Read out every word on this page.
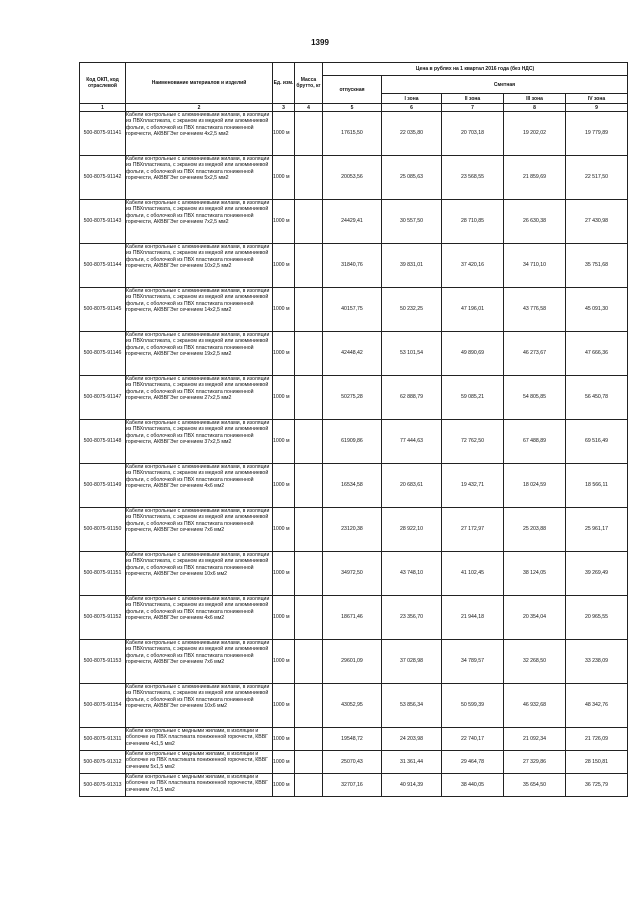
1399
Код ОКП, код отраслевой	Наименование материалов и изделий	Ед. изм.	Масса брутто, кг	Цена в рублях на 1 квартал 2016 года (без НДС)				
				отпускная	Сметная			
					I зона	II зона	III зона	IV зона
1	2	3	4	5	6	7	8	9
500-8075-91141	Кабели контрольные с алюминиевыми жилами, в изоляции из ПВХпластиката, с экраном из медной или алюминиевой фольги, с оболочкой из ПВХ пластиката пониженной горючести, АКВВГЭнг сечением 4х2,5 мм2	1000 м		17615,50	22 035,80	20 703,18	19 202,02	19 779,89
500-8075-91142	Кабели контрольные с алюминиевыми жилами, в изоляции из ПВХпластиката, с экраном из медной или алюминиевой фольги, с оболочкой из ПВХ пластиката пониженной горючести, АКВВГЭнг сечением 5х2,5 мм2	1000 м		20053,56	25 085,63	23 568,55	21 859,69	22 517,50
500-8075-91143	Кабели контрольные с алюминиевыми жилами, в изоляции из ПВХпластиката, с экраном из медной или алюминиевой фольги, с оболочкой из ПВХ пластиката пониженной горючести, АКВВГЭнг сечением 7х2,5 мм2	1000 м		24429,41	30 557,50	28 710,85	26 630,38	27 430,98
500-8075-91144	Кабели контрольные с алюминиевыми жилами, в изоляции из ПВХпластиката, с экраном из медной или алюминиевой фольги, с оболочкой из ПВХ пластиката пониженной горючести, АКВВГЭнг сечением 10х2,5 мм2	1000 м		31840,76	39 831,01	37 420,16	34 710,10	35 751,68
500-8075-91145	Кабели контрольные с алюминиевыми жилами, в изоляции из ПВХпластиката, с экраном из медной или алюминиевой фольги, с оболочкой из ПВХ пластиката пониженной горючести, АКВВГЭнг сечением 14х2,5 мм2	1000 м		40157,75	50 232,25	47 196,01	43 776,58	45 091,30
500-8075-91146	Кабели контрольные с алюминиевыми жилами, в изоляции из ПВХпластиката, с экраном из медной или алюминиевой фольги, с оболочкой из ПВХ пластиката пониженной горючести, АКВВГЭнг сечением 19х2,5 мм2	1000 м		42448,42	53 101,54	49 890,69	46 273,67	47 666,36
500-8075-91147	Кабели контрольные с алюминиевыми жилами, в изоляции из ПВХпластиката, с экраном из медной или алюминиевой фольги, с оболочкой из ПВХ пластиката пониженной горючести, АКВВГЭнг сечением 27х2,5 мм2	1000 м		50275,28	62 888,79	59 085,21	54 805,85	56 450,78
500-8075-91148	Кабели контрольные с алюминиевыми жилами, в изоляции из ПВХпластиката, с экраном из медной или алюминиевой фольги, с оболочкой из ПВХ пластиката пониженной горючести, АКВВГЭнг сечением 37х2,5 мм2	1000 м		61909,86	77 444,63	72 762,50	67 488,89	69 516,49
500-8075-91149	Кабели контрольные с алюминиевыми жилами, в изоляции из ПВХпластиката, с экраном из медной или алюминиевой фольги, с оболочкой из ПВХ пластиката пониженной горючести, АКВВГЭнг сечением 4х6 мм2	1000 м		16534,58	20 683,61	19 432,71	18 024,59	18 566,11
500-8075-91150	Кабели контрольные с алюминиевыми жилами, в изоляции из ПВХпластиката, с экраном из медной или алюминиевой фольги, с оболочкой из ПВХ пластиката пониженной горючести, АКВВГЭнг сечением 7х6 мм2	1000 м		23120,38	28 922,10	27 172,97	25 203,88	25 961,17
500-8075-91151	Кабели контрольные с алюминиевыми жилами, в изоляции из ПВХпластиката, с экраном из медной или алюминиевой фольги, с оболочкой из ПВХ пластиката пониженной горючести, АКВВГЭнг сечением 10х6 мм2	1000 м		34972,50	43 748,10	41 102,45	38 124,05	39 269,49
500-8075-91152	Кабели контрольные с алюминиевыми жилами, в изоляции из ПВХпластиката, с экраном из медной или алюминиевой фольги, с оболочкой из ПВХ пластиката пониженной горючести, АКВВГЭнг сечением 4х6 мм2	1000 м		18671,46	23 356,70	21 944,18	20 354,04	20 965,55
500-8075-91153	Кабели контрольные с алюминиевыми жилами, в изоляции из ПВХпластиката, с экраном из медной или алюминиевой фольги, с оболочкой из ПВХ пластиката пониженной горючести, АКВВГЭнг сечением 7х6 мм2	1000 м		29601,09	37 028,98	34 789,57	32 268,50	33 238,09
500-8075-91154	Кабели контрольные с алюминиевыми жилами, в изоляции из ПВХпластиката, с экраном из медной или алюминиевой фольги, с оболочкой из ПВХ пластиката пониженной горючести, АКВВГЭнг сечением 10х6 мм2	1000 м		43052,95	53 856,34	50 599,39	46 932,68	48 342,76
500-8075-91311	Кабели контрольные с медными жилами, в изоляции и оболочке из ПВХ пластиката пониженной горючести, КВВГ сечением 4х1,5 мм2	1000 м		19548,72	24 203,98	22 740,17	21 092,34	21 726,09
500-8075-91312	Кабели контрольные с медными жилами, в изоляции и оболочке из ПВХ пластиката пониженной горючести, КВВГ сечением 5х1,5 мм2	1000 м		25070,43	31 361,44	29 464,78	27 329,86	28 150,81
500-8075-91313	Кабели контрольные с медными жилами, в изоляции и оболочке из ПВХ пластиката пониженной горючести, КВВГ сечением 7х1,5 мм2	1000 м		32707,16	40 914,39	38 440,05	35 654,50	36 725,79
